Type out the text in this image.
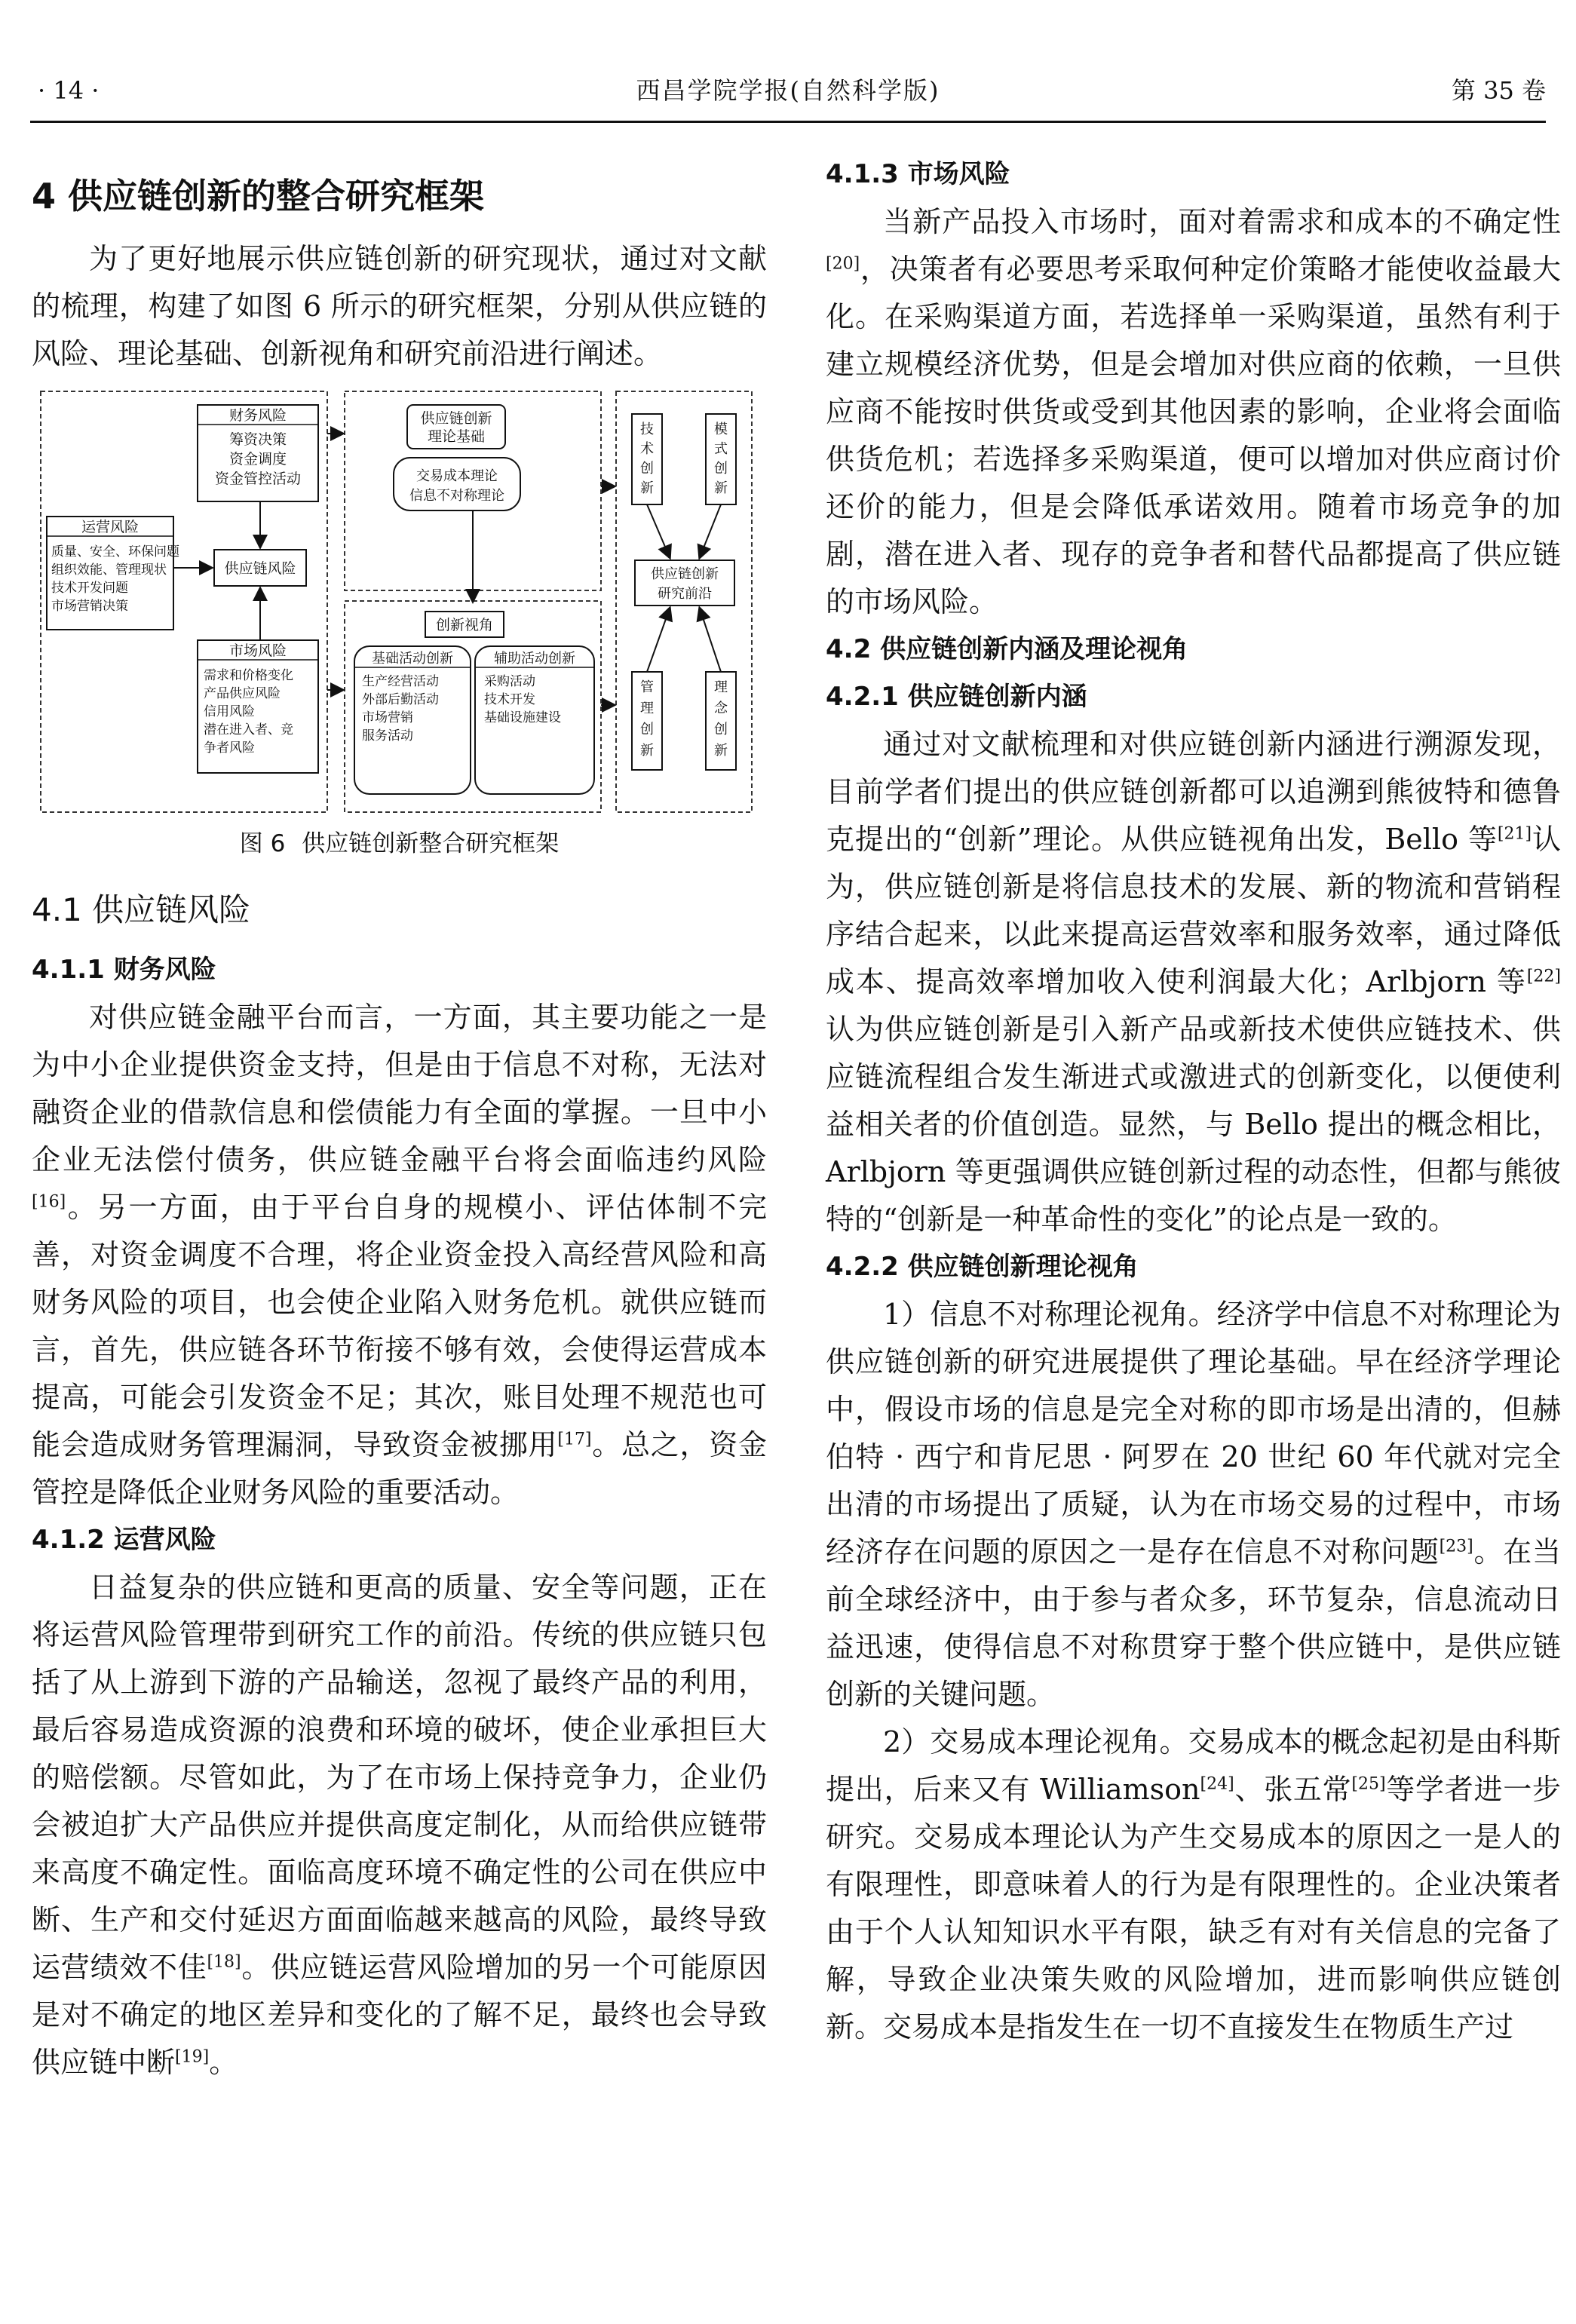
· 14 ·	西昌学院学报(自然科学版)	第 35 卷
4 供应链创新的整合研究框架

为了更好地展示供应链创新的研究现状，通过对文献的梳理，构建了如图 6 所示的研究框架，分别从供应链的风险、理论基础、创新视角和研究前沿进行阐述。

财务风险
筹资决策
资金调度
资金管控活动
运营风险
质量、安全、环保问题
组织效能、管理现状
技术开发问题
市场营销决策
供应链风险
市场风险
需求和价格变化
产品供应风险
信用风险
潜在进入者、竞
争者风险
供应链创新
理论基础
交易成本理论
信息不对称理论
创新视角
基础活动创新
生产经营活动
外部后勤活动
市场营销
服务活动
辅助活动创新
采购活动
技术开发
基础设施建设
技
术
创
新
模
式
创
新
供应链创新
研究前沿
管
理
创
新
理
念
创
新
图 6 供应链创新整合研究框架
4.1 供应链风险
4.1.1 财务风险

对供应链金融平台而言，一方面，其主要功能之一是为中小企业提供资金支持，但是由于信息不对称，无法对融资企业的借款信息和偿债能力有全面的掌握。一旦中小企业无法偿付债务，供应链金融平台将会面临违约风险[16]。另一方面，由于平台自身的规模小、评估体制不完善，对资金调度不合理，将企业资金投入高经营风险和高财务风险的项目，也会使企业陷入财务危机。就供应链而言，首先，供应链各环节衔接不够有效，会使得运营成本提高，可能会引发资金不足；其次，账目处理不规范也可能会造成财务管理漏洞，导致资金被挪用[17]。总之，资金管控是降低企业财务风险的重要活动。

4.1.2 运营风险

日益复杂的供应链和更高的质量、安全等问题，正在将运营风险管理带到研究工作的前沿。传统的供应链只包括了从上游到下游的产品输送，忽视了最终产品的利用，最后容易造成资源的浪费和环境的破坏，使企业承担巨大的赔偿额。尽管如此，为了在市场上保持竞争力，企业仍会被迫扩大产品供应并提供高度定制化，从而给供应链带来高度不确定性。面临高度环境不确定性的公司在供应中断、生产和交付延迟方面面临越来越高的风险，最终导致运营绩效不佳[18]。供应链运营风险增加的另一个可能原因是对不确定的地区差异和变化的了解不足，最终也会导致供应链中断[19]。

4.1.3 市场风险

当新产品投入市场时，面对着需求和成本的不确定性[20]，决策者有必要思考采取何种定价策略才能使收益最大化。在采购渠道方面，若选择单一采购渠道，虽然有利于建立规模经济优势，但是会增加对供应商的依赖，一旦供应商不能按时供货或受到其他因素的影响，企业将会面临供货危机；若选择多采购渠道，便可以增加对供应商讨价还价的能力，但是会降低承诺效用。随着市场竞争的加剧，潜在进入者、现存的竞争者和替代品都提高了供应链的市场风险。

4.2 供应链创新内涵及理论视角
4.2.1 供应链创新内涵

通过对文献梳理和对供应链创新内涵进行溯源发现，目前学者们提出的供应链创新都可以追溯到熊彼特和德鲁克提出的“创新”理论。从供应链视角出发，Bello 等[21]认为，供应链创新是将信息技术的发展、新的物流和营销程序结合起来，以此来提高运营效率和服务效率，通过降低成本、提高效率增加收入使利润最大化；Arlbjorn 等[22]认为供应链创新是引入新产品或新技术使供应链技术、供应链流程组合发生渐进式或激进式的创新变化，以便使利益相关者的价值创造。显然，与 Bello 提出的概念相比，Arlbjorn 等更强调供应链创新过程的动态性，但都与熊彼特的“创新是一种革命性的变化”的论点是一致的。

4.2.2 供应链创新理论视角

1）信息不对称理论视角。经济学中信息不对称理论为供应链创新的研究进展提供了理论基础。早在经济学理论中，假设市场的信息是完全对称的即市场是出清的，但赫伯特 · 西宁和肯尼思 · 阿罗在 20 世纪 60 年代就对完全出清的市场提出了质疑，认为在市场交易的过程中，市场经济存在问题的原因之一是存在信息不对称问题[23]。在当前全球经济中，由于参与者众多，环节复杂，信息流动日益迅速，使得信息不对称贯穿于整个供应链中，是供应链创新的关键问题。

2）交易成本理论视角。交易成本的概念起初是由科斯提出，后来又有 Williamson[24]、张五常[25]等学者进一步研究。交易成本理论认为产生交易成本的原因之一是人的有限理性，即意味着人的行为是有限理性的。企业决策者由于个人认知知识水平有限，缺乏有对有关信息的完备了解，导致企业决策失败的风险增加，进而影响供应链创新。交易成本是指发生在一切不直接发生在物质生产过
